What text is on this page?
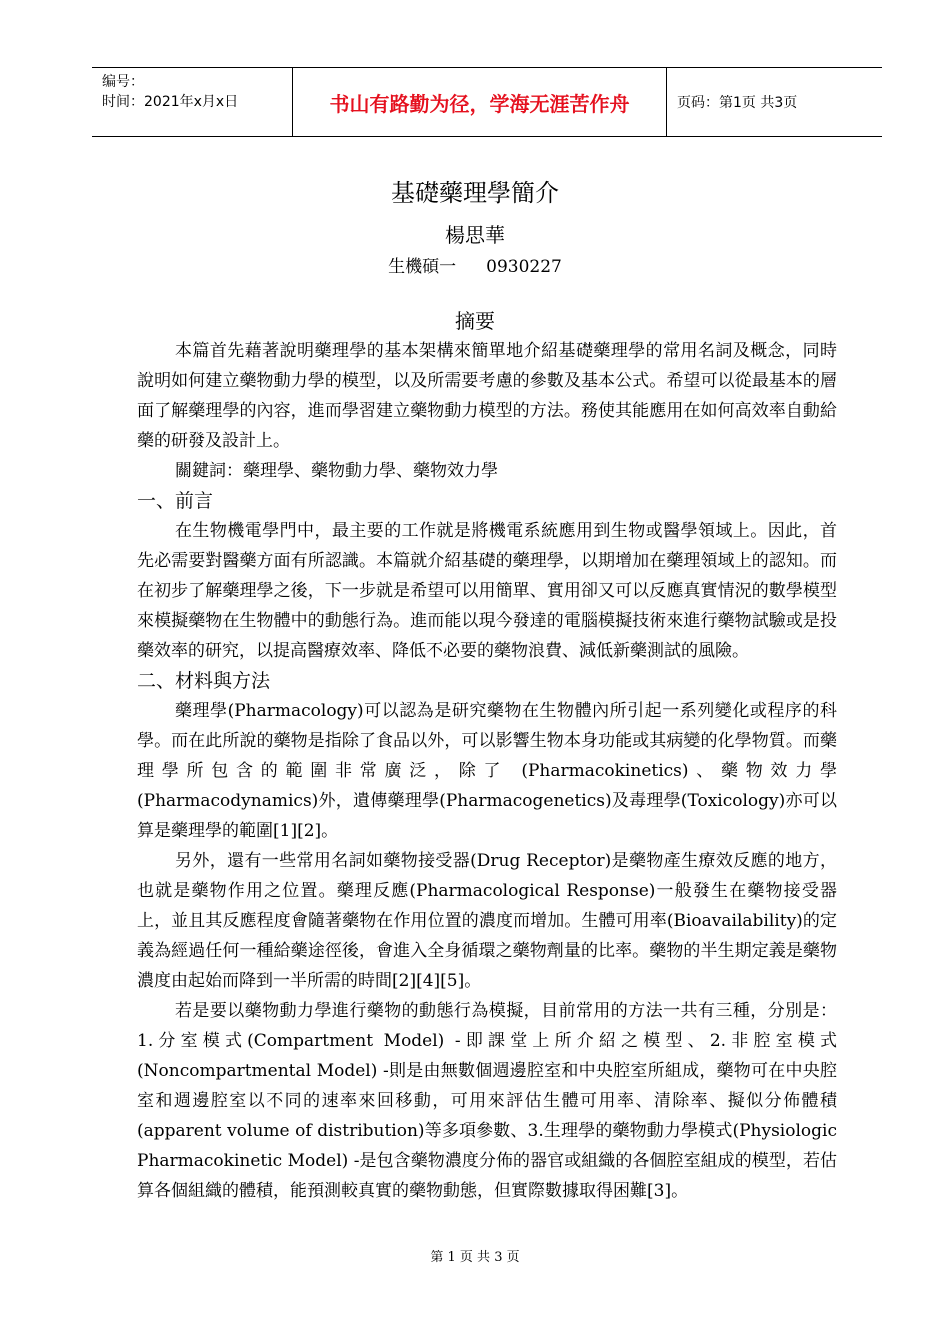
编号：
时间：2021年x月x日	书山有路勤为径，学海无涯苦作舟	页码：第1页 共3页
基礎藥理學簡介
楊思華
生機碩一 0930227
摘要

本篇首先藉著說明藥理學的基本架構來簡單地介紹基礎藥理學的常用名詞及概念，同時說明如何建立藥物動力學的模型，以及所需要考慮的參數及基本公式。希望可以從最基本的層面了解藥理學的內容，進而學習建立藥物動力模型的方法。務使其能應用在如何高效率自動給藥的研發及設計上。

關鍵詞：藥理學、藥物動力學、藥物效力學

一、前言

在生物機電學門中，最主要的工作就是將機電系統應用到生物或醫學領域上。因此，首先必需要對醫藥方面有所認識。本篇就介紹基礎的藥理學，以期增加在藥理領域上的認知。而在初步了解藥理學之後，下一步就是希望可以用簡單、實用卻又可以反應真實情況的數學模型來模擬藥物在生物體中的動態行為。進而能以現今發達的電腦模擬技術來進行藥物試驗或是投藥效率的研究，以提高醫療效率、降低不必要的藥物浪費、減低新藥測試的風險。

二、材料與方法

藥理學(Pharmacology)可以認為是研究藥物在生物體內所引起一系列變化或程序的科學。而在此所說的藥物是指除了食品以外，可以影響生物本身功能或其病變的化學物質。而藥理學所包含的範圍非常廣泛，除了 (Pharmacokinetics)、藥物效力學(Pharmacodynamics)外，遺傳藥理學(Pharmacogenetics)及毒理學(Toxicology)亦可以算是藥理學的範圍[1][2]。

另外，還有一些常用名詞如藥物接受器(Drug Receptor)是藥物產生療效反應的地方，也就是藥物作用之位置。藥理反應(Pharmacological Response)一般發生在藥物接受器上，並且其反應程度會隨著藥物在作用位置的濃度而增加。生體可用率(Bioavailability)的定義為經過任何一種給藥途徑後，會進入全身循環之藥物劑量的比率。藥物的半生期定義是藥物濃度由起始而降到一半所需的時間[2][4][5]。

若是要以藥物動力學進行藥物的動態行為模擬，目前常用的方法一共有三種，分別是：1.分室模式(Compartment Model) -即課堂上所介紹之模型、2.非腔室模式(Noncompartmental Model) -則是由無數個週邊腔室和中央腔室所組成，藥物可在中央腔室和週邊腔室以不同的速率來回移動，可用來評估生體可用率、清除率、擬似分佈體積(apparent volume of distribution)等多項參數、3.生理學的藥物動力學模式(Physiologic Pharmacokinetic Model) -是包含藥物濃度分佈的器官或組織的各個腔室組成的模型，若估算各個組織的體積，能預測較真實的藥物動態，但實際數據取得困難[3]。

第 1 页 共 3 页
